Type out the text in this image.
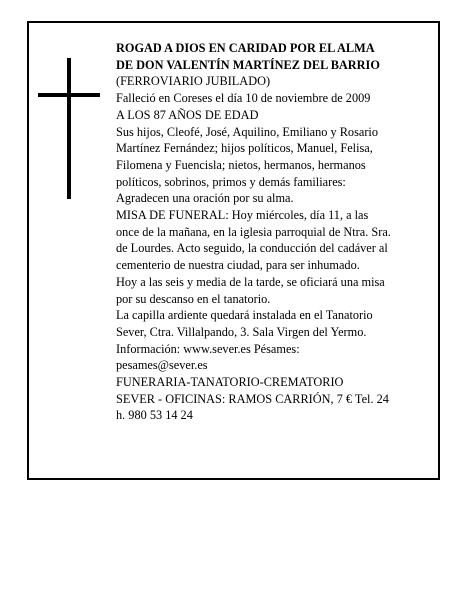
ROGAD A DIOS EN CARIDAD POR EL ALMA
DE DON VALENTÍN MARTÍNEZ DEL BARRIO
(FERROVIARIO JUBILADO)
Falleció en Coreses el día 10 de noviembre de 2009
A LOS 87 AÑOS DE EDAD
Sus hijos, Cleofé, José, Aquilino, Emiliano y Rosario
Martínez Fernández; hijos políticos, Manuel, Felisa,
Filomena y Fuencisla; nietos, hermanos, hermanos
políticos, sobrinos, primos y demás familiares:
Agradecen una oración por su alma.
MISA DE FUNERAL: Hoy miércoles, día 11, a las
once de la mañana, en la iglesia parroquial de Ntra. Sra.
de Lourdes. Acto seguido, la conducción del cadáver al
cementerio de nuestra ciudad, para ser inhumado.
Hoy a las seis y media de la tarde, se oficiará una misa
por su descanso en el tanatorio.
La capilla ardiente quedará instalada en el Tanatorio
Sever, Ctra. Villalpando, 3. Sala Virgen del Yermo.
Información: www.sever.es Pésames:
pesames@sever.es
FUNERARIA-TANATORIO-CREMATORIO
SEVER - OFICINAS: RAMOS CARRIÓN, 7 € Tel. 24
h. 980 53 14 24
